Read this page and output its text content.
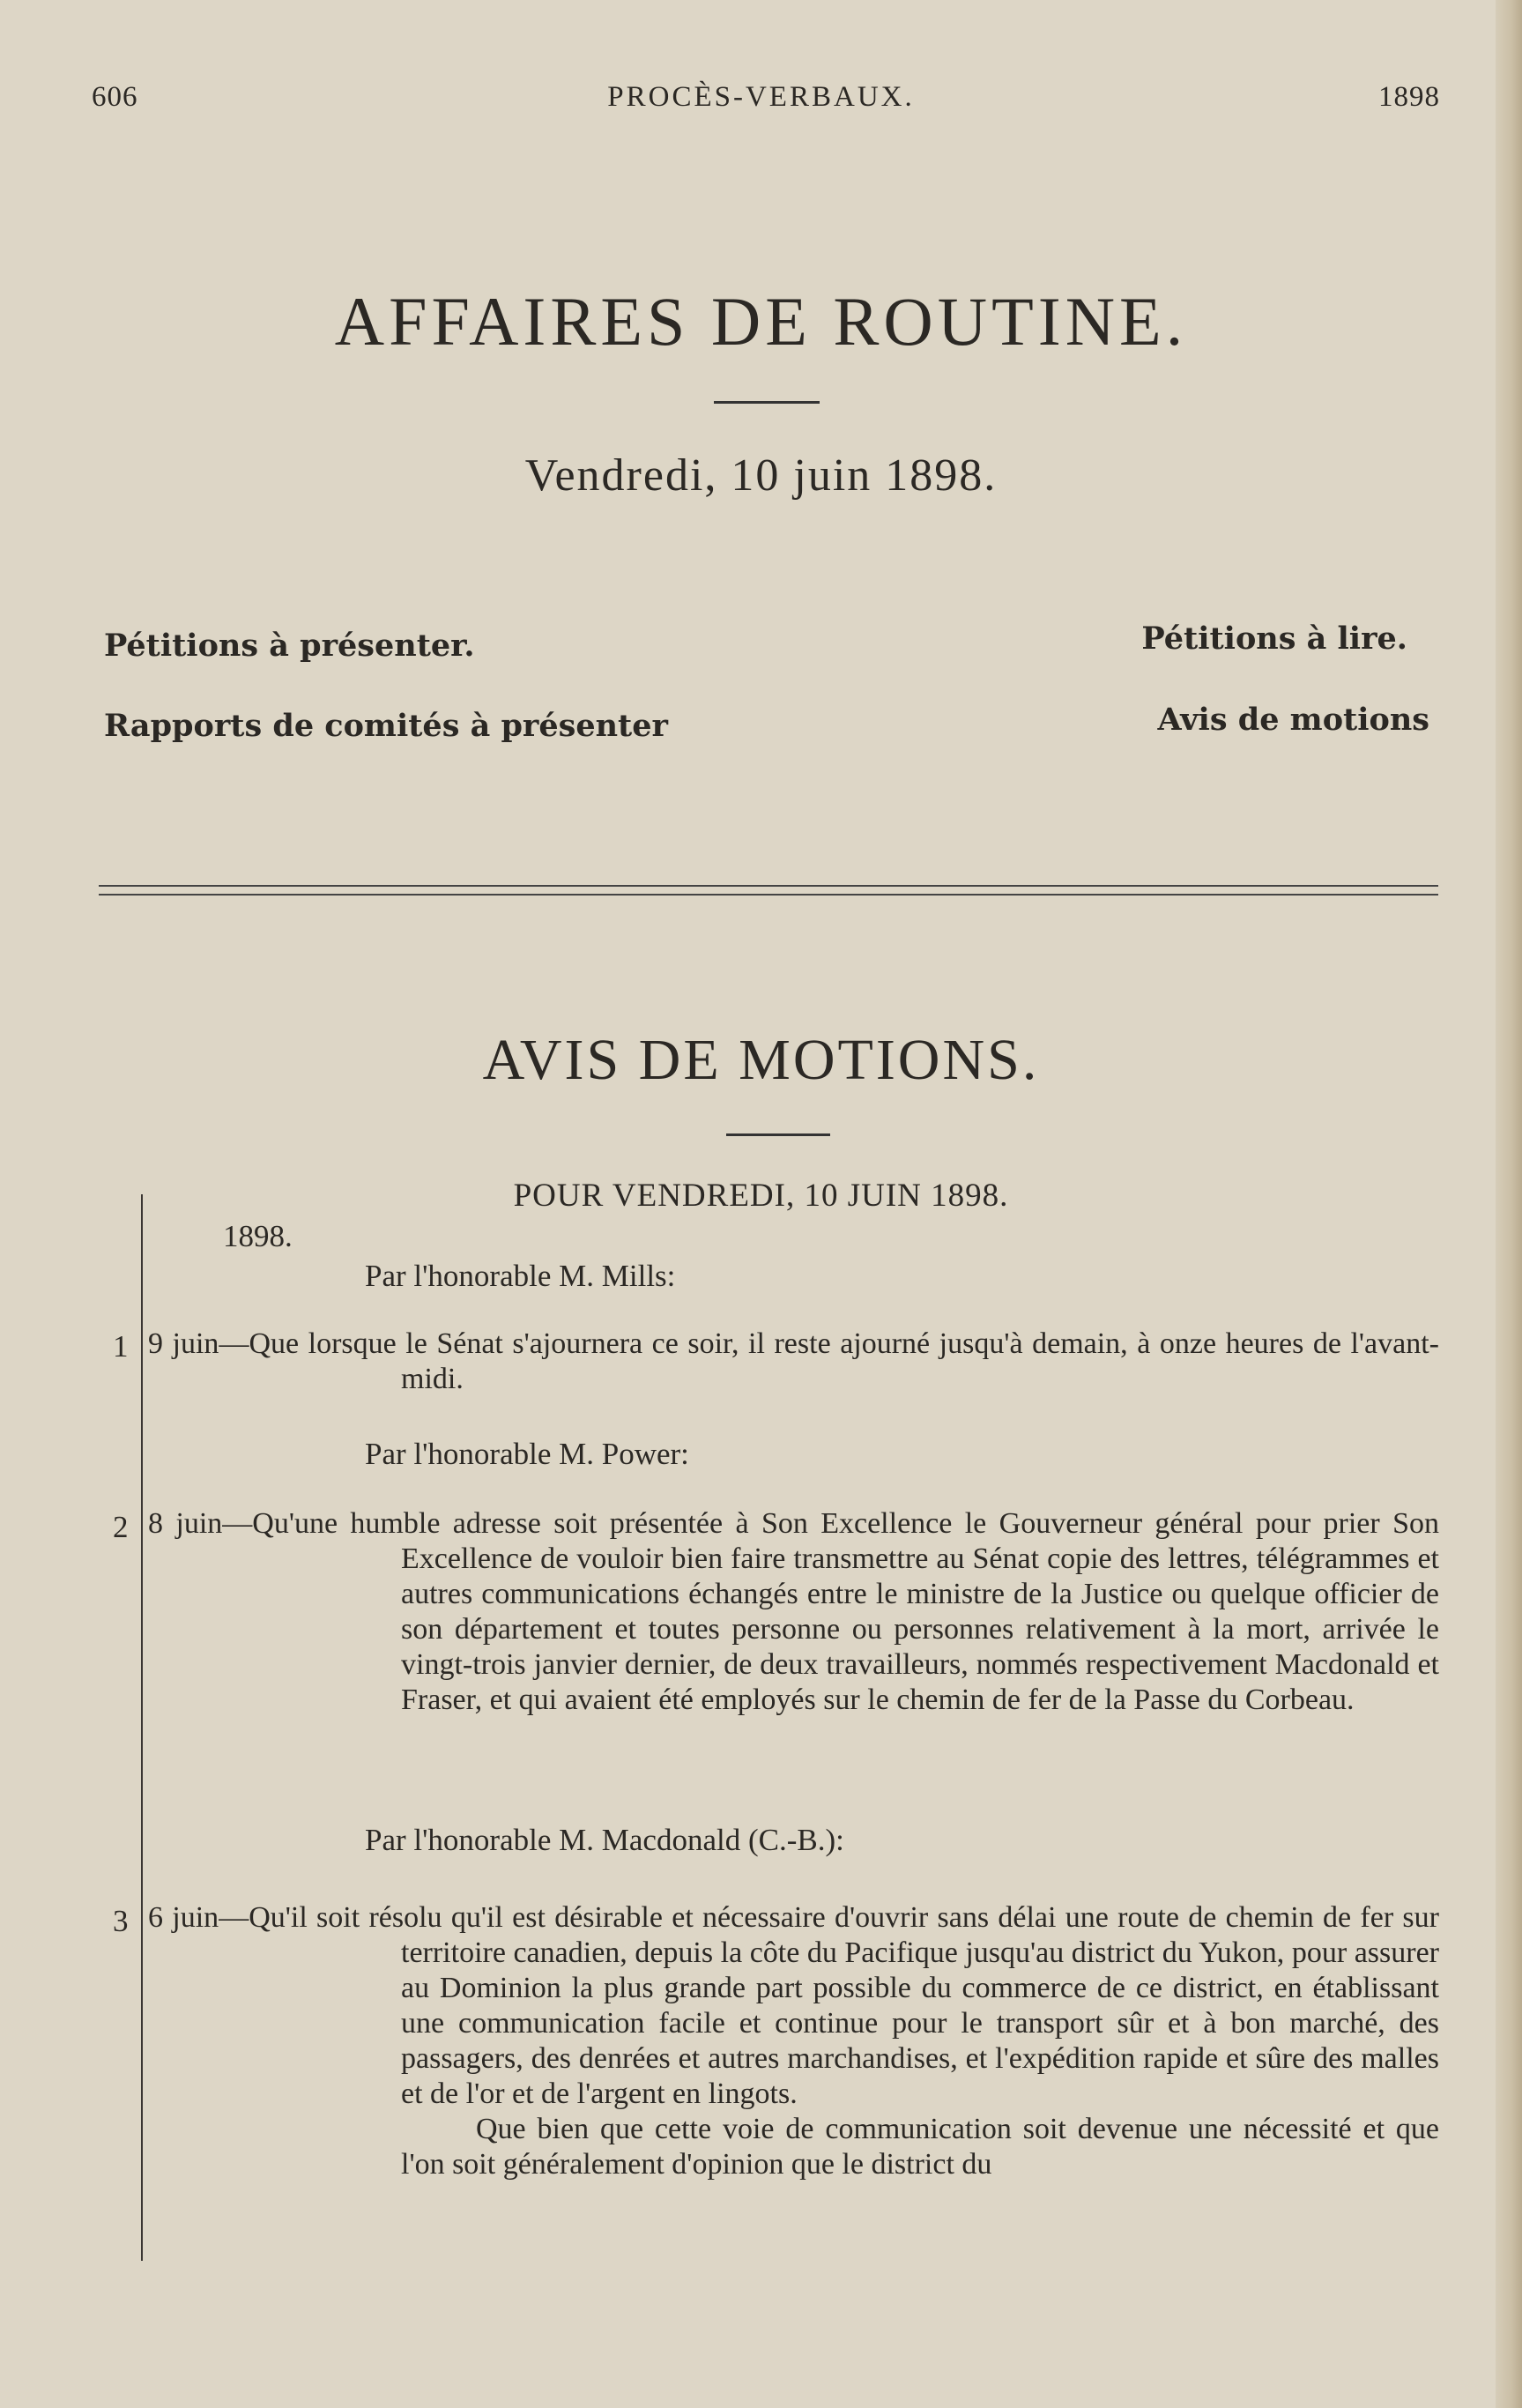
606	PROCÈS-VERBAUX.	1898
AFFAIRES DE ROUTINE.
Vendredi, 10 juin 1898.
Pétitions à présenter.	Pétitions à lire.
Rapports de comités à présenter	Avis de motions
AVIS DE MOTIONS.
POUR VENDREDI, 10 JUIN 1898.
1898.
Par l'honorable M. Mills:
1 9 juin—Que lorsque le Sénat s'ajournera ce soir, il reste ajourné jusqu'à demain, à onze heures de l'avant-midi.

Par l'honorable M. Power:
2 8 juin—Qu'une humble adresse soit présentée à Son Excellence le Gouverneur général pour prier Son Excellence de vouloir bien faire transmettre au Sénat copie des lettres, télégrammes et autres communications échangés entre le ministre de la Justice ou quelque officier de son département et toutes personne ou personnes relativement à la mort, arrivée le vingt-trois janvier dernier, de deux travailleurs, nommés respectivement Macdonald et Fraser, et qui avaient été employés sur le chemin de fer de la Passe du Corbeau.

Par l'honorable M. Macdonald (C.-B.):
3 6 juin—Qu'il soit résolu qu'il est désirable et nécessaire d'ouvrir sans délai une route de chemin de fer sur territoire canadien, depuis la côte du Pacifique jusqu'au district du Yukon, pour assurer au Dominion la plus grande part possible du commerce de ce district, en établissant une communication facile et continue pour le transport sûr et à bon marché, des passagers, des denrées et autres marchandises, et l'expédition rapide et sûre des malles et de l'or et de l'argent en lingots.

Que bien que cette voie de communication soit devenue une nécessité et que l'on soit généralement d'opinion que le district du
